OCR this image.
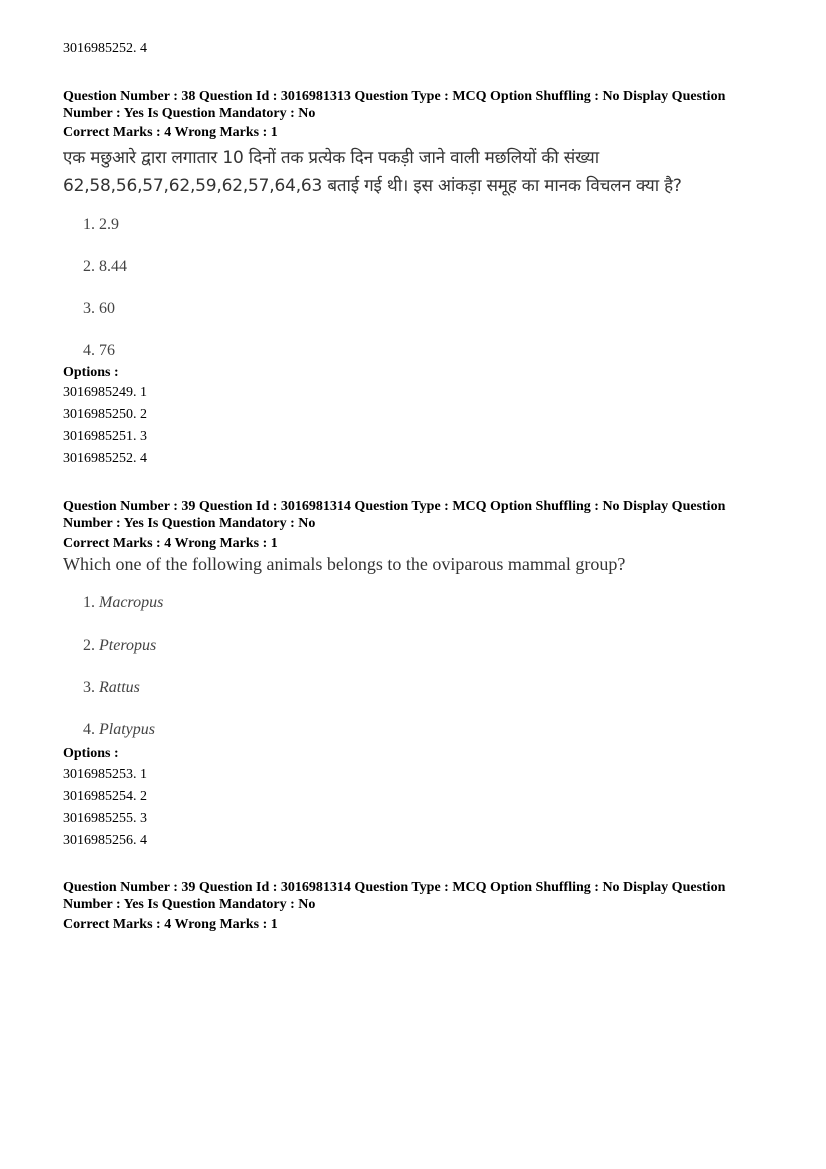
3016985252. 4
Question Number : 38 Question Id : 3016981313 Question Type : MCQ Option Shuffling : No Display Question
Number : Yes Is Question Mandatory : No
Correct Marks : 4 Wrong Marks : 1
एक मछुआरे द्वारा लगातार 10 दिनों तक प्रत्येक दिन पकड़ी जाने वाली मछलियों की संख्या
62,58,56,57,62,59,62,57,64,63 बताई गई थी। इस आंकड़ा समूह का मानक विचलन क्या है?
1. 2.9
2. 8.44
3. 60
4. 76
Options :
3016985249. 1
3016985250. 2
3016985251. 3
3016985252. 4
Question Number : 39 Question Id : 3016981314 Question Type : MCQ Option Shuffling : No Display Question
Number : Yes Is Question Mandatory : No
Correct Marks : 4 Wrong Marks : 1
Which one of the following animals belongs to the oviparous mammal group?
1. Macropus
2. Pteropus
3. Rattus
4. Platypus
Options :
3016985253. 1
3016985254. 2
3016985255. 3
3016985256. 4
Question Number : 39 Question Id : 3016981314 Question Type : MCQ Option Shuffling : No Display Question
Number : Yes Is Question Mandatory : No
Correct Marks : 4 Wrong Marks : 1
